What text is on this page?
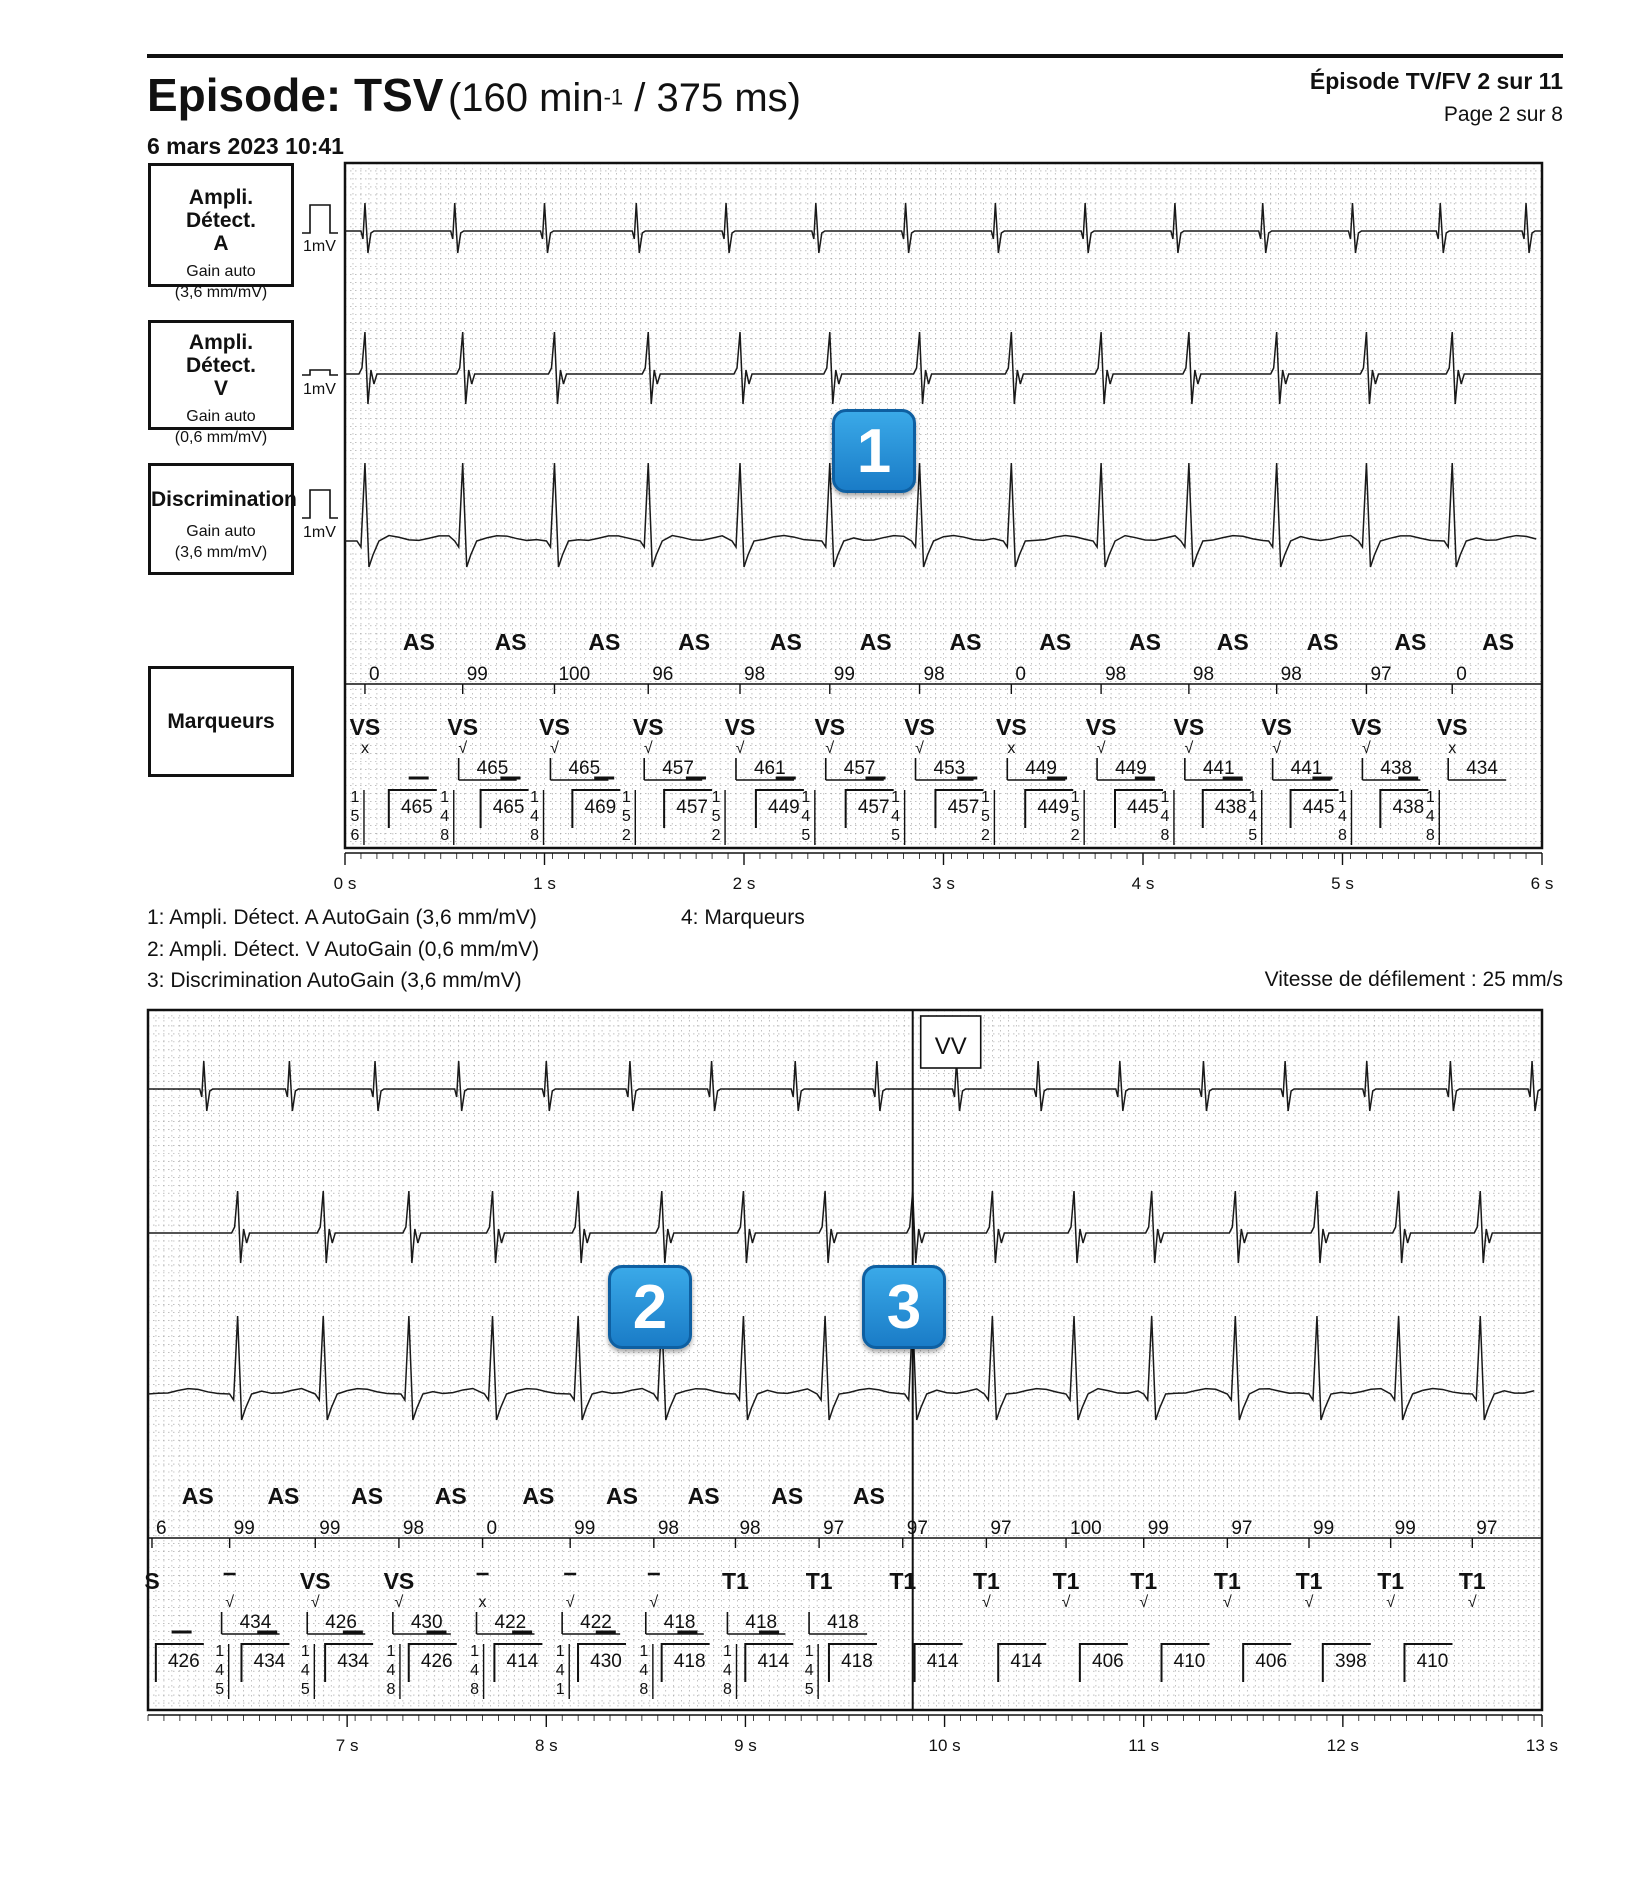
Episode: TSV (160 $\min^{-1} / 375$ ms)
6 mars 2023 10:41
Épisode TV/FV 2 sur 11
Page 2 sur 8
Ampli. Détect.
A
Gain auto
(3,6 mm/mV)
Ampli. Détect.
V
Gain auto
(0,6 mm/mV)
Discrimination
Gain auto
(3,6 mm/mV)
Marqueurs
1mV
1mV
1mV
AS	AS	AS	AS	AS	AS	AS	AS	AS AS	AS AS AS
0	99	100	96	98	99	98	0	98	98	98	97	0
VS
x
VS
√
VS
√
VS
√
VS
√
VS
√
VS
√
VS
x
VS
√
VS
√
VS
√
VS
√
VS
x
465	465	457	461	457	453	449	449	441	441	438	434
465	465	469	457	449	457	457	449	445	438	445	438
1
5
6
1
4
8
1
4
8
1
5
2
1
5
2
1
4
5
1
4
5
1
5
2
1
5
2
1
4
8
1
4
5
1
4
8
1
4
8
0 s	1 s	2 s	3 s	4 s	5 s	6 s
1: Ampli. Détect. A AutoGain (3,6 mm/mV)
2: Ampli. Détect. V AutoGain (0,6 mm/mV)
3: Discrimination AutoGain (3,6 mm/mV)
4: Marqueurs
Vitesse de défilement : 25 mm/s
AS AS AS AS AS AS AS AS AS
6	99	99	98	0	99	98	98	97	97	97	100 99	97	99	99	97
S
√
VS
√
VS
√	x	√	√
T1 T1 T1 T1
√
T1
√
T1
√
T1
√
T1
√
T1
√
T1
√
434	426	430	422	422	418	418	418
426	434	434	426	414	430	418	414	418	414	414	406	410	406	398	410
1
4
5
1
4
5
1
4
8
1
4
8
1
4
1
1
4
8
1
4
8
1
4
5
7 s	8 s	9 s	10 s	11 s	12 s	13 s
VV
1
2	3
